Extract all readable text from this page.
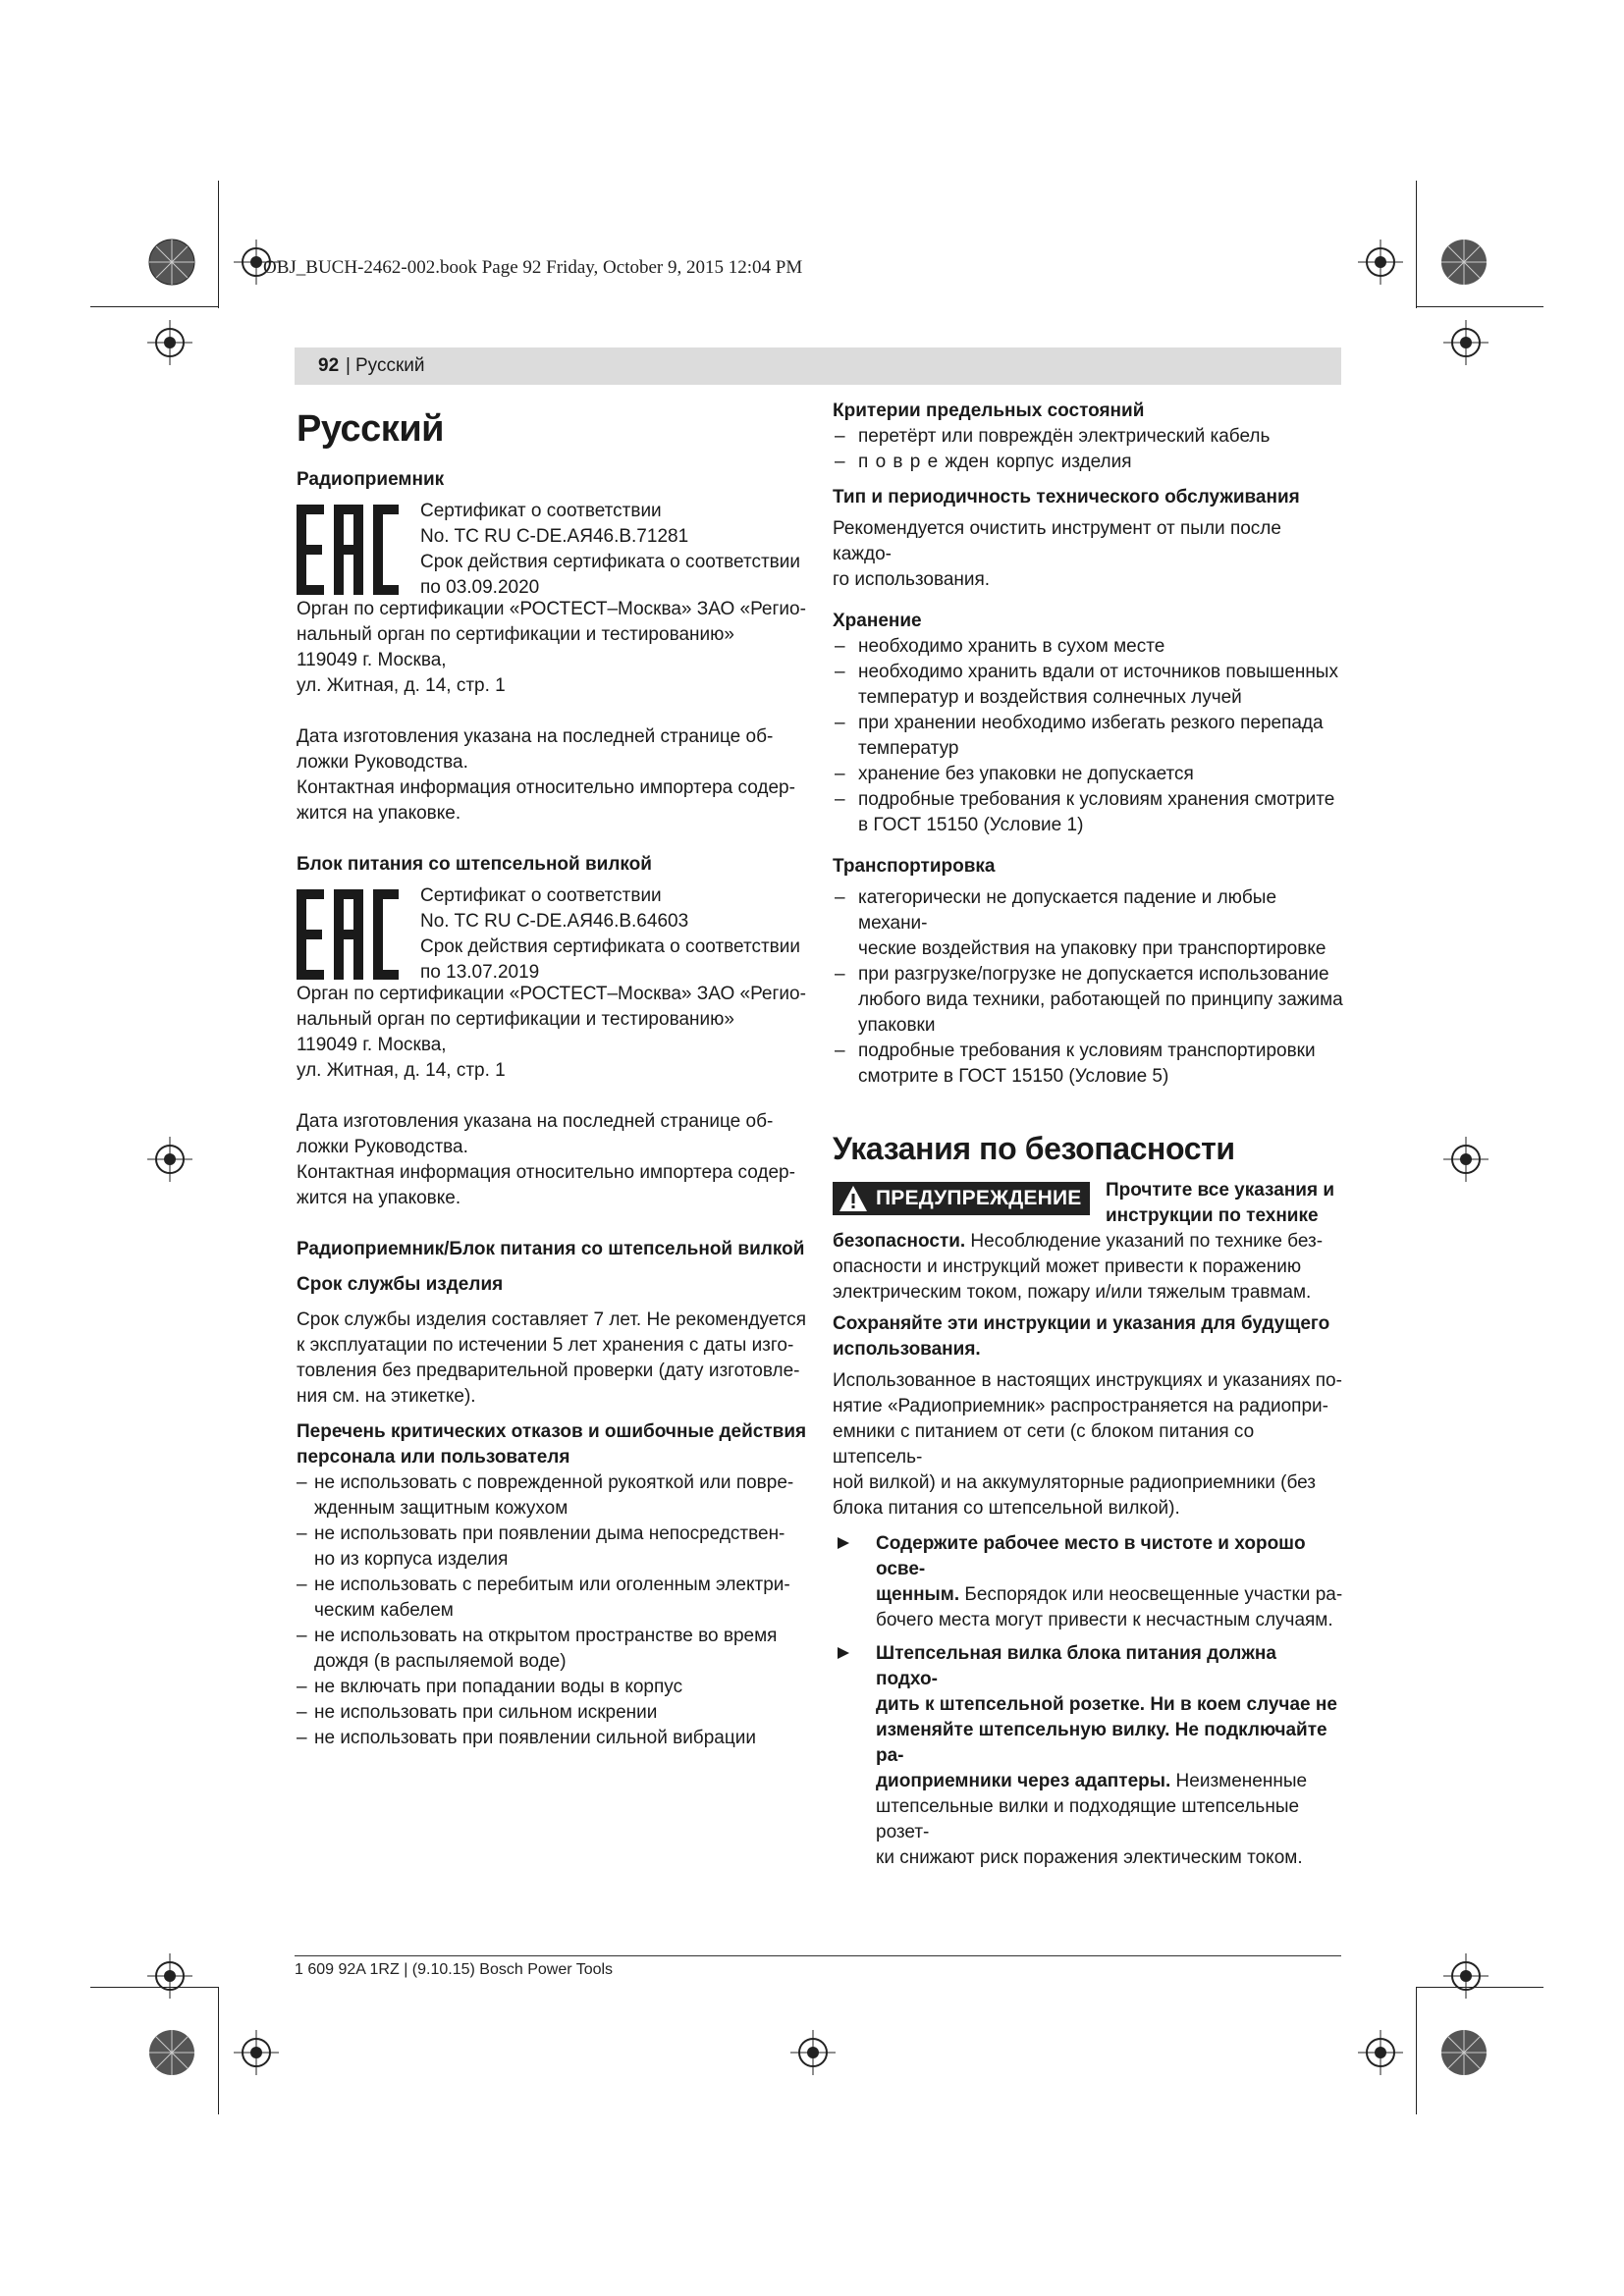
OBJ_BUCH-2462-002.book Page 92 Friday, October 9, 2015 12:04 PM
92 | Русский
Русский
Радиоприемник

Сертификат о соответствии

No. TC RU C-DE.АЯ46.В.71281

Срок действия сертификата о соответствии

по 03.09.2020

Орган по сертификации «РОСТЕСТ–Москва» ЗАО «Регио-

нальный орган по сертификации и тестированию»

119049 г. Москва,

ул. Житная, д. 14, стр. 1

Дата изготовления указана на последней странице об-

ложки Руководства.

Контактная информация относительно импортера содер-

жится на упаковке.

Блок питания со штепсельной вилкой

Сертификат о соответствии

No. TC RU C-DE.АЯ46.В.64603

Срок действия сертификата о соответствии

по 13.07.2019

Орган по сертификации «РОСТЕСТ–Москва» ЗАО «Регио-

нальный орган по сертификации и тестированию»

119049 г. Москва,

ул. Житная, д. 14, стр. 1

Дата изготовления указана на последней странице об-

ложки Руководства.

Контактная информация относительно импортера содер-

жится на упаковке.

Радиоприемник/Блок питания со штепсельной вилкой
Срок службы изделия

Срок службы изделия составляет 7 лет. Не рекомендуется

к эксплуатации по истечении 5 лет хранения с даты изго-

товления без предварительной проверки (дату изготовле-

ния см. на этикетке).

Перечень критических отказов и ошибочные действия

персонала или пользователя

– не использовать с поврежденной рукояткой или повре-

жденным защитным кожухом

– не использовать при появлении дыма непосредствен-

но из корпуса изделия

– не использовать с перебитым или оголенным электри-

ческим кабелем

– не использовать на открытом пространстве во время

дождя (в распыляемой воде)

– не включать при попадании воды в корпус

– не использовать при сильном искрении

– не использовать при появлении сильной вибрации

Критерии предельных состояний

– перетёрт или повреждён электрический кабель

– п о в р е жден корпус изделия

Тип и периодичность технического обслуживания

Рекомендуется очистить инструмент от пыли после каждо-

го использования.

Хранение

– необходимо хранить в сухом месте

– необходимо хранить вдали от источников повышенных

температур и воздействия солнечных лучей

– при хранении необходимо избегать резкого перепада

температур

– хранение без упаковки не допускается

– подробные требования к условиям хранения смотрите

в ГОСТ 15150 (Условие 1)

Транспортировка

– категорически не допускается падение и любые механи-

ческие воздействия на упаковку при транспортировке

– при разгрузке/погрузке не допускается использование

любого вида техники, работающей по принципу зажима

упаковки

– подробные требования к условиям транспортировки

смотрите в ГОСТ 15150 (Условие 5)

Указания по безопасности
ПРЕДУПРЕЖДЕНИЕ Прочтите все указания и

инструкции по технике

безопасности. Несоблюдение указаний по технике без-

опасности и инструкций может привести к поражению

электрическим током, пожару и/или тяжелым травмам.

Сохраняйте эти инструкции и указания для будущего

использования.

Использованное в настоящих инструкциях и указаниях по-

нятие «Радиоприемник» распространяется на радиопри-

емники с питанием от сети (с блоком питания со штепсель-

ной вилкой) и на аккумуляторные радиоприемники (без

блока питания со штепсельной вилкой).

Содержите рабочее место в чистоте и хорошо осве-

щенным. Беспорядок или неосвещенные участки ра-

бочего места могут привести к несчастным случаям.

Штепсельная вилка блока питания должна подхо-

дить к штепсельной розетке. Ни в коем случае не

изменяйте штепсельную вилку. Не подключайте ра-

диоприемники через адаптеры. Неизмененные

штепсельные вилки и подходящие штепсельные розет-

ки снижают риск поражения электическим током.

1 609 92A 1RZ | (9.10.15) Bosch Power Tools
